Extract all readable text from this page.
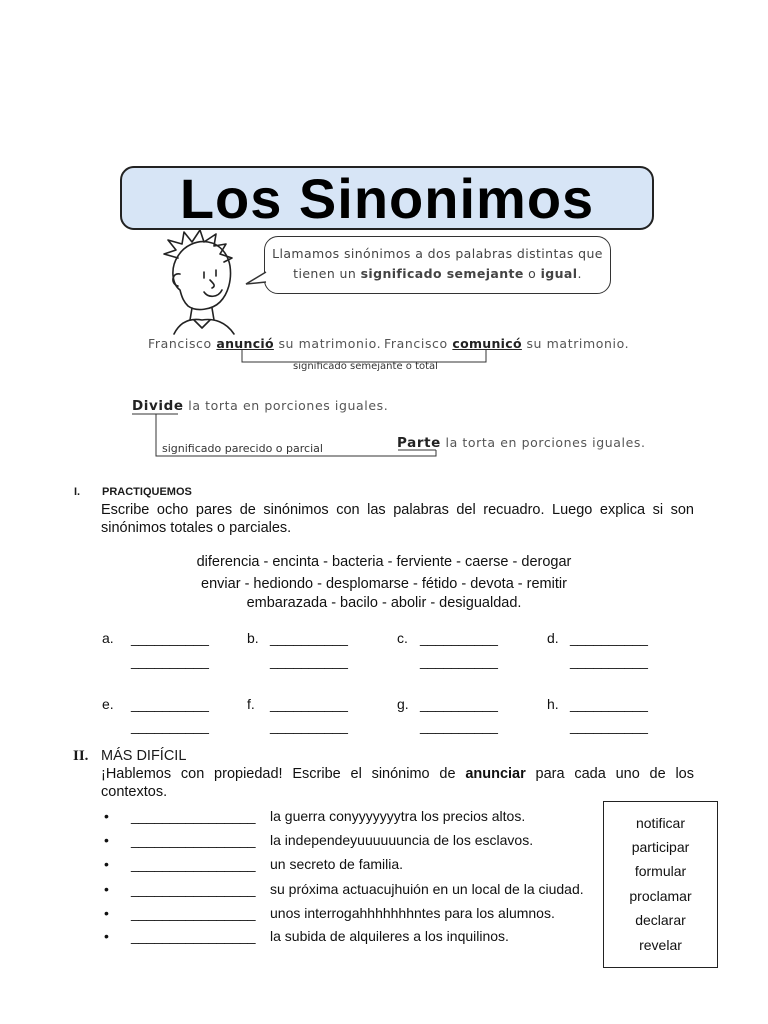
Los Sinonimos
Llamamos sinónimos a dos palabras distintas que
tienen un significado semejante o igual.
Francisco anunció su matrimonio. Francisco comunicó su matrimonio.
significado semejante o total
Divide la torta en porciones iguales.
Parte la torta en porciones iguales.
significado parecido o parcial
I. PRACTIQUEMOS
Escribe ocho pares de sinónimos con las palabras del recuadro. Luego explica si son sinónimos totales o parciales.
diferencia - encinta - bacteria - ferviente - caerse - derogar
enviar - hediondo - desplomarse - fétido - devota - remitir
embarazada - bacilo - abolir - desigualdad.
a. __________
__________
b. __________
__________
c. __________
__________
d. __________
__________
e. __________
__________
f. __________
__________
g. __________
__________
h. __________
__________
II. MÁS DIFÍCIL
¡Hablemos con propiedad! Escribe el sinónimo de anunciar para cada uno de los
contextos.
• ________________ la guerra conyyyyyyytra los precios altos.
• ________________ la independeyuuuuuuncia de los esclavos.
• ________________ un secreto de familia.
• ________________ su próxima actuacujhuión en un local de la ciudad.
• ________________ unos interrogahhhhhhhntes para los alumnos.
• ________________ la subida de alquileres a los inquilinos.
notificar
participar
formular
proclamar
declarar
revelar
